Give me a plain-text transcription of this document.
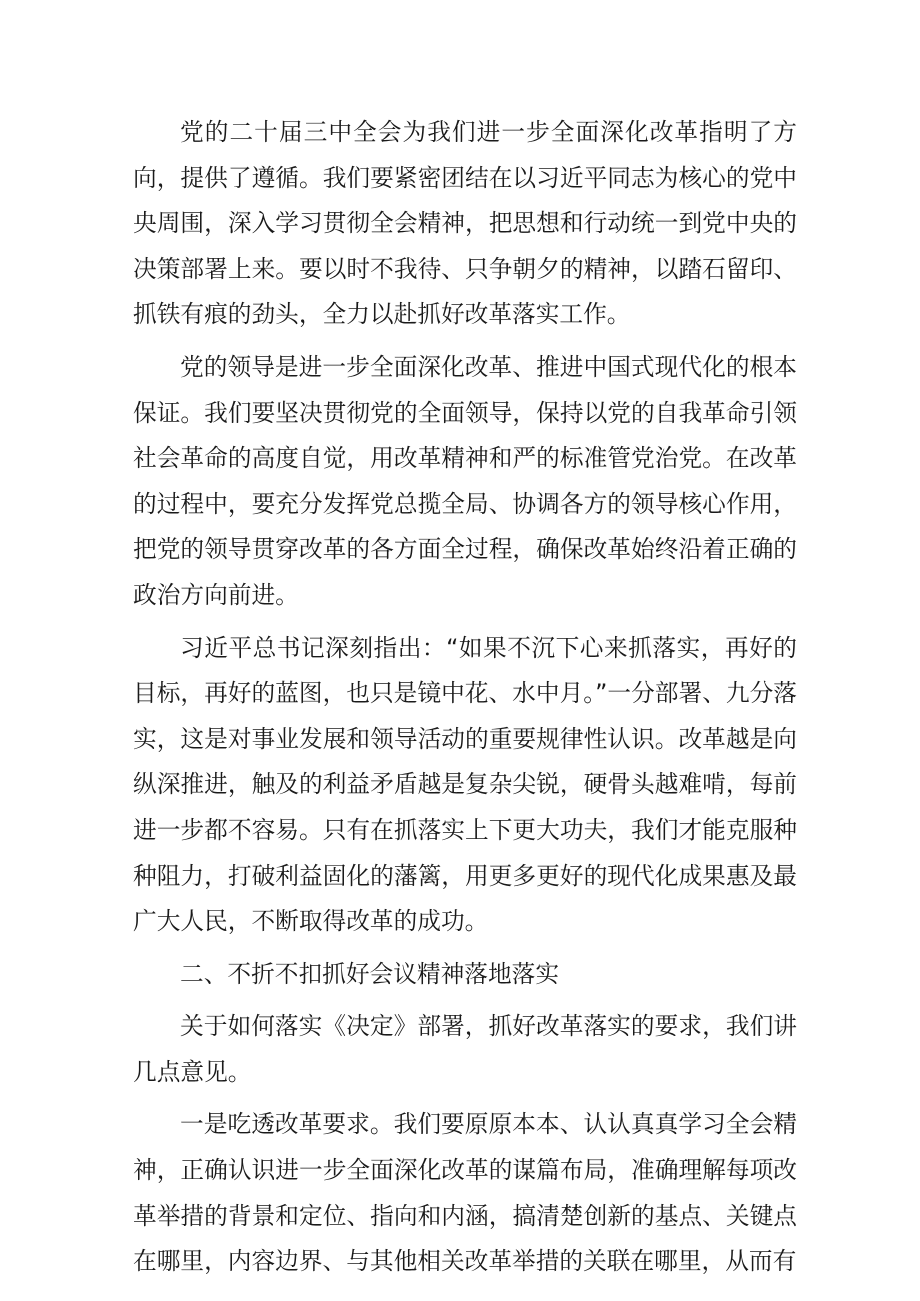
党的二十届三中全会为我们进一步全面深化改革指明了方向，提供了遵循。我们要紧密团结在以习近平同志为核心的党中央周围，深入学习贯彻全会精神，把思想和行动统一到党中央的决策部署上来。要以时不我待、只争朝夕的精神，以踏石留印、抓铁有痕的劲头，全力以赴抓好改革落实工作。

党的领导是进一步全面深化改革、推进中国式现代化的根本保证。我们要坚决贯彻党的全面领导，保持以党的自我革命引领社会革命的高度自觉，用改革精神和严的标准管党治党。在改革的过程中，要充分发挥党总揽全局、协调各方的领导核心作用，把党的领导贯穿改革的各方面全过程，确保改革始终沿着正确的政治方向前进。

习近平总书记深刻指出：“如果不沉下心来抓落实，再好的目标，再好的蓝图，也只是镜中花、水中月。”一分部署、九分落实，这是对事业发展和领导活动的重要规律性认识。改革越是向纵深推进，触及的利益矛盾越是复杂尖锐，硬骨头越难啃，每前进一步都不容易。只有在抓落实上下更大功夫，我们才能克服种种阻力，打破利益固化的藩篱，用更多更好的现代化成果惠及最广大人民，不断取得改革的成功。

二、不折不扣抓好会议精神落地落实

关于如何落实《决定》部署，抓好改革落实的要求，我们讲几点意见。

一是吃透改革要求。我们要原原本本、认认真真学习全会精神，正确认识进一步全面深化改革的谋篇布局，准确理解每项改革举措的背景和定位、指向和内涵，搞清楚创新的基点、关键点在哪里，内容边界、与其他相关改革举措的关联在哪里，从而有
